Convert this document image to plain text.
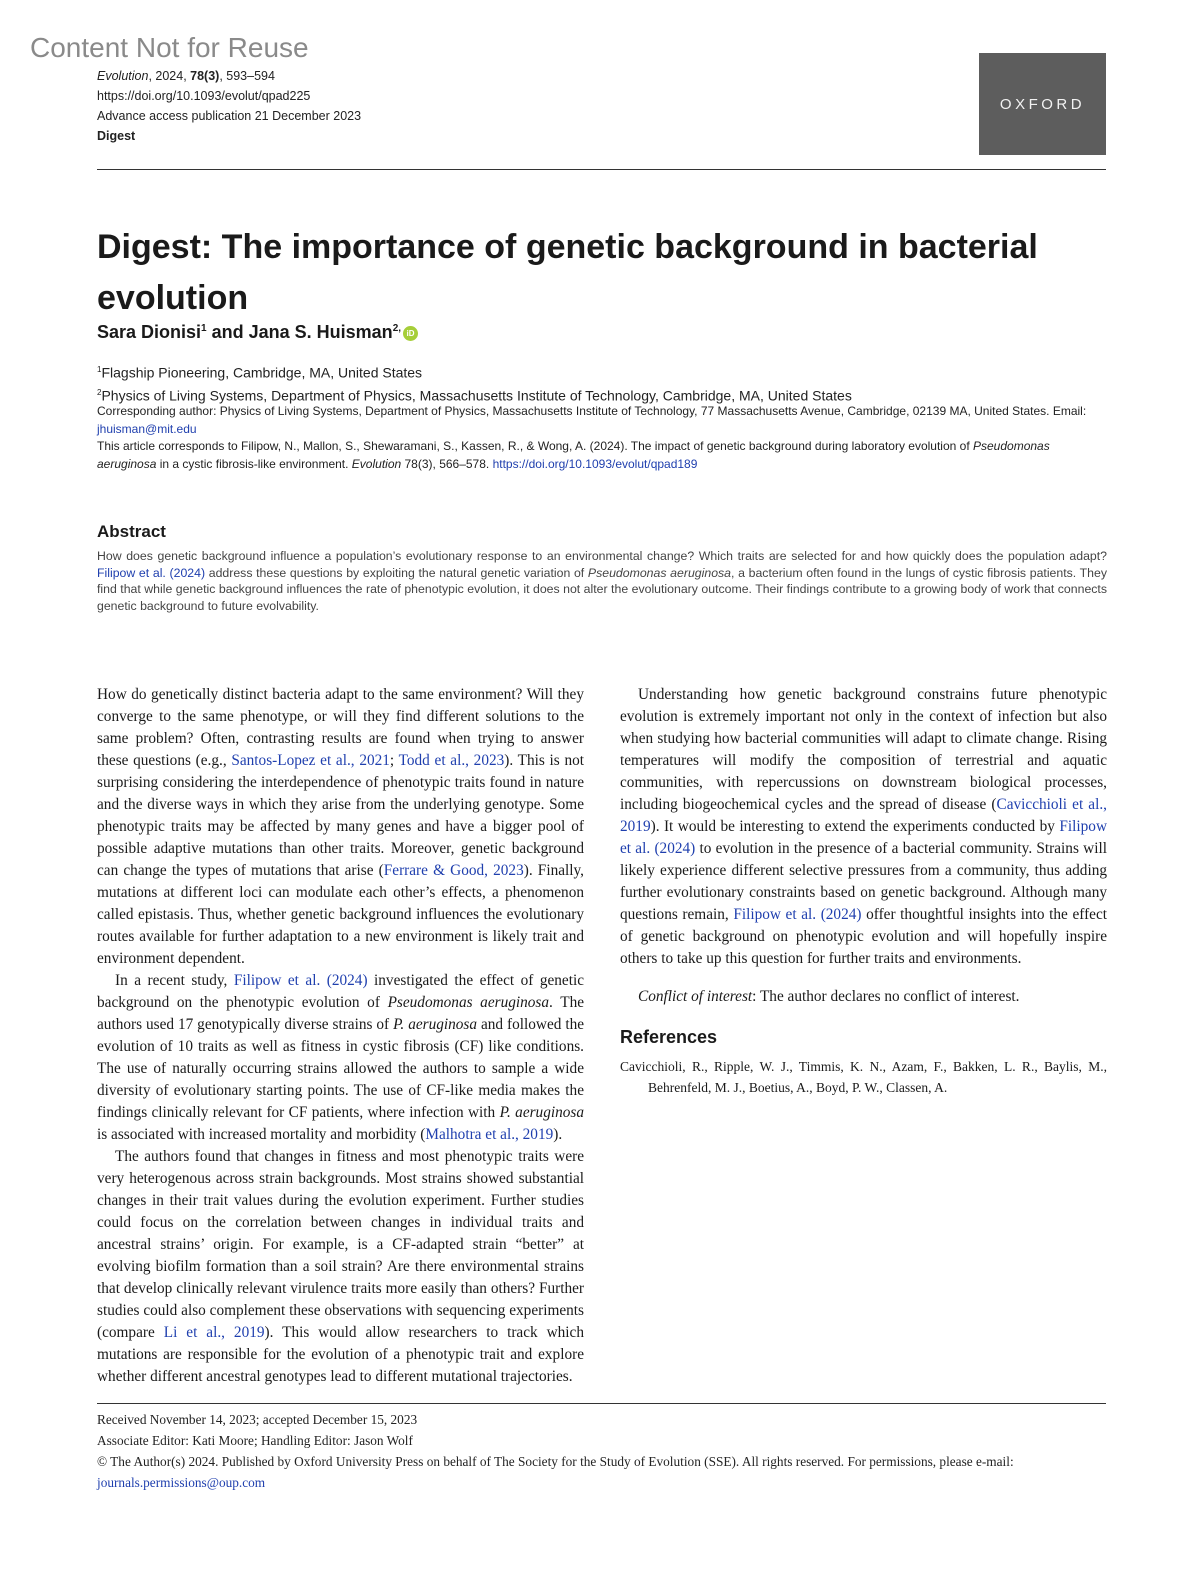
Content Not for Reuse
Evolution, 2024, 78(3), 593–594
https://doi.org/10.1093/evolut/qpad225
Advance access publication 21 December 2023
Digest
OXFORD
Digest: The importance of genetic background in bacterial evolution
Sara Dionisi$^1$ and Jana S. Huisman$^{2,}$ iD
$^1$Flagship Pioneering, Cambridge, MA, United States
$^2$Physics of Living Systems, Department of Physics, Massachusetts Institute of Technology, Cambridge, MA, United States

Corresponding author: Physics of Living Systems, Department of Physics, Massachusetts Institute of Technology, 77 Massachusetts Avenue, Cambridge, 02139 MA, United States. Email: jhuisman@mit.edu

This article corresponds to Filipow, N., Mallon, S., Shewaramani, S., Kassen, R., & Wong, A. (2024). The impact of genetic background during laboratory evolution of Pseudomonas aeruginosa in a cystic fibrosis-like environment. Evolution 78(3), 566–578. https://doi.org/10.1093/evolut/qpad189

Abstract
How does genetic background influence a population’s evolutionary response to an environmental change? Which traits are selected for and how quickly does the population adapt? Filipow et al. (2024) address these questions by exploiting the natural genetic variation of Pseudomonas aeruginosa, a bacterium often found in the lungs of cystic fibrosis patients. They find that while genetic background influences the rate of phenotypic evolution, it does not alter the evolutionary outcome. Their findings contribute to a growing body of work that connects genetic background to future evolvability.

How do genetically distinct bacteria adapt to the same environment? Will they converge to the same phenotype, or will they find different solutions to the same problem? Often, contrasting results are found when trying to answer these questions (e.g., Santos-Lopez et al., 2021; Todd et al., 2023). This is not surprising considering the interdependence of phenotypic traits found in nature and the diverse ways in which they arise from the underlying genotype. Some phenotypic traits may be affected by many genes and have a bigger pool of possible adaptive mutations than other traits. Moreover, genetic background can change the types of mutations that arise (Ferrare & Good, 2023). Finally, mutations at different loci can modulate each other’s effects, a phenomenon called epistasis. Thus, whether genetic background influences the evolutionary routes available for further adaptation to a new environment is likely trait and environment dependent.

In a recent study, Filipow et al. (2024) investigated the effect of genetic background on the phenotypic evolution of Pseudomonas aeruginosa. The authors used 17 genotypically diverse strains of P. aeruginosa and followed the evolution of 10 traits as well as fitness in cystic fibrosis (CF) like conditions. The use of naturally occurring strains allowed the authors to sample a wide diversity of evolutionary starting points. The use of CF-like media makes the findings clinically relevant for CF patients, where infection with P. aeruginosa is associated with increased mortality and morbidity (Malhotra et al., 2019).

The authors found that changes in fitness and most phenotypic traits were very heterogenous across strain backgrounds. Most strains showed substantial changes in their trait values during the evolution experiment. Further studies could focus on the correlation between changes in individual traits and ancestral strains’ origin. For example, is a CF-adapted strain “better” at evolving biofilm formation than a soil strain? Are there environmental strains that develop clinically relevant virulence traits more easily than others? Further studies could also complement these observations with sequencing experiments (compare Li et al., 2019). This would allow researchers to track which mutations are responsible for the evolution of a phenotypic trait and explore whether different ancestral genotypes lead to different mutational trajectories.

Understanding how genetic background constrains future phenotypic evolution is extremely important not only in the context of infection but also when studying how bacterial communities will adapt to climate change. Rising temperatures will modify the composition of terrestrial and aquatic communities, with repercussions on downstream biological processes, including biogeochemical cycles and the spread of disease (Cavicchioli et al., 2019). It would be interesting to extend the experiments conducted by Filipow et al. (2024) to evolution in the presence of a bacterial community. Strains will likely experience different selective pressures from a community, thus adding further evolutionary constraints based on genetic background. Although many questions remain, Filipow et al. (2024) offer thoughtful insights into the effect of genetic background on phenotypic evolution and will hopefully inspire others to take up this question for further traits and environments.

Conflict of interest: The author declares no conflict of interest.

References

Cavicchioli, R., Ripple, W. J., Timmis, K. N., Azam, F., Bakken, L. R., Baylis, M., Behrenfeld, M. J., Boetius, A., Boyd, P. W., Classen, A.

Received November 14, 2023; accepted December 15, 2023

Associate Editor: Kati Moore; Handling Editor: Jason Wolf

© The Author(s) 2024. Published by Oxford University Press on behalf of The Society for the Study of Evolution (SSE). All rights reserved. For permissions, please e-mail: journals.permissions@oup.com
